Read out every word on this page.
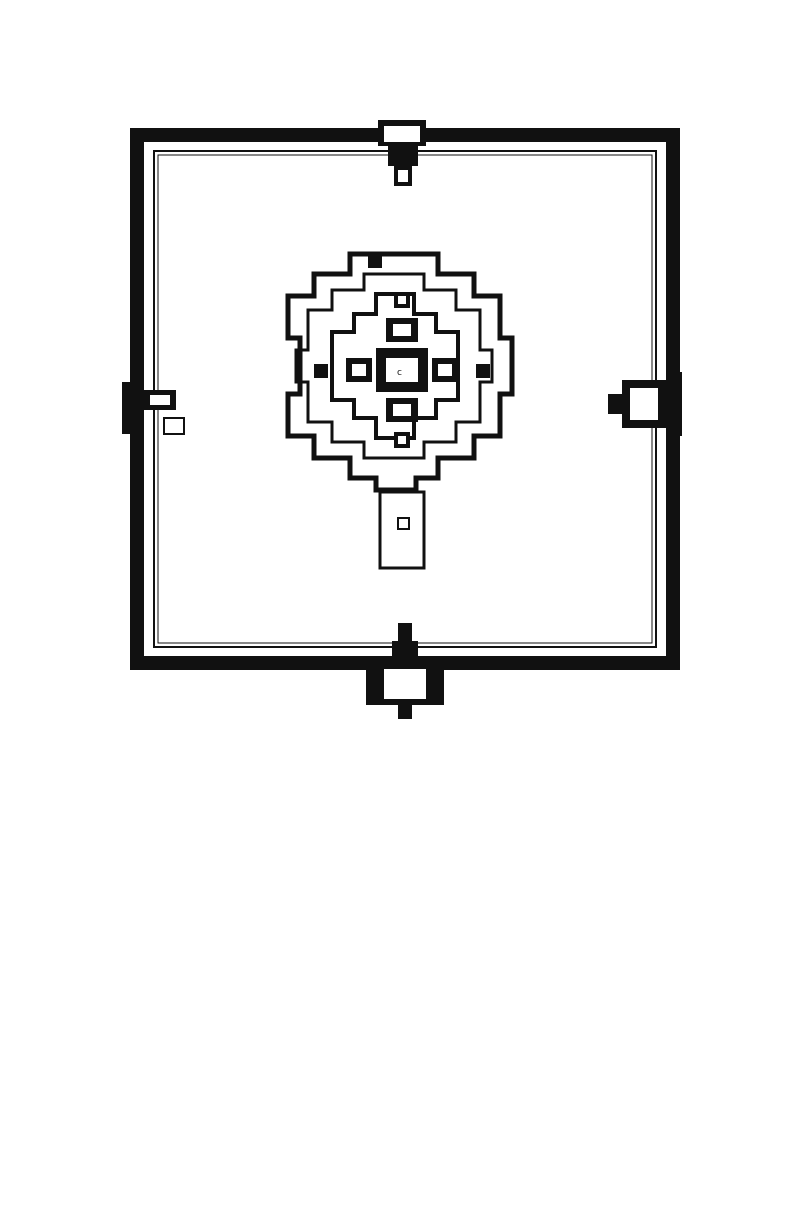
c
